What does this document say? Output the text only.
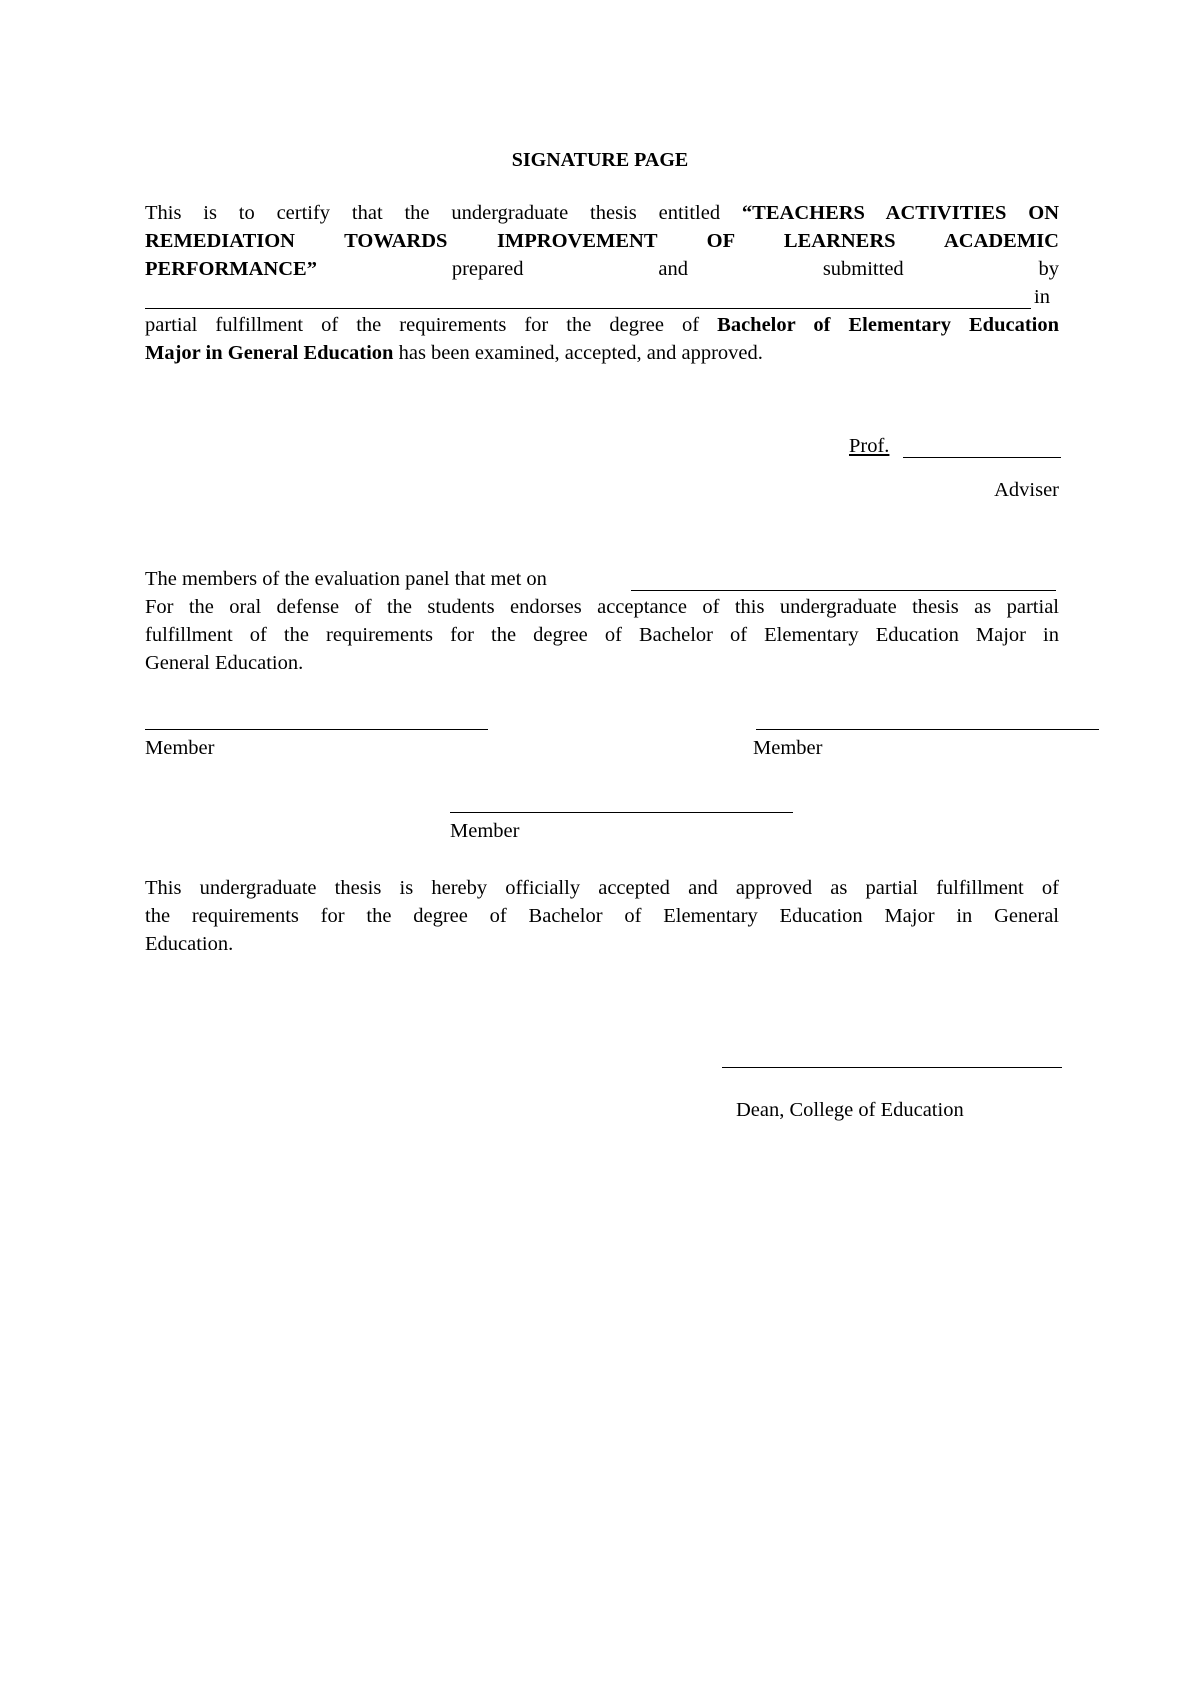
SIGNATURE PAGE
This is to certify that the undergraduate thesis entitled “TEACHERS ACTIVITIES ON
REMEDIATION TOWARDS IMPROVEMENT OF LEARNERS ACADEMIC
PERFORMANCE”	prepared	and	submitted	by
in
partial fulfillment of the requirements for the degree of Bachelor of Elementary Education
Major in General Education has been examined, accepted, and approved.
Prof.
Adviser
The members of the evaluation panel that met on
For the oral defense of the students endorses acceptance of this undergraduate thesis as partial
fulfillment of the requirements for the degree of Bachelor of Elementary Education Major in
General Education.
Member	Member
Member
This undergraduate thesis is hereby officially accepted and approved as partial fulfillment of
the requirements for the degree of Bachelor of Elementary Education Major in General
Education.
Dean, College of Education
